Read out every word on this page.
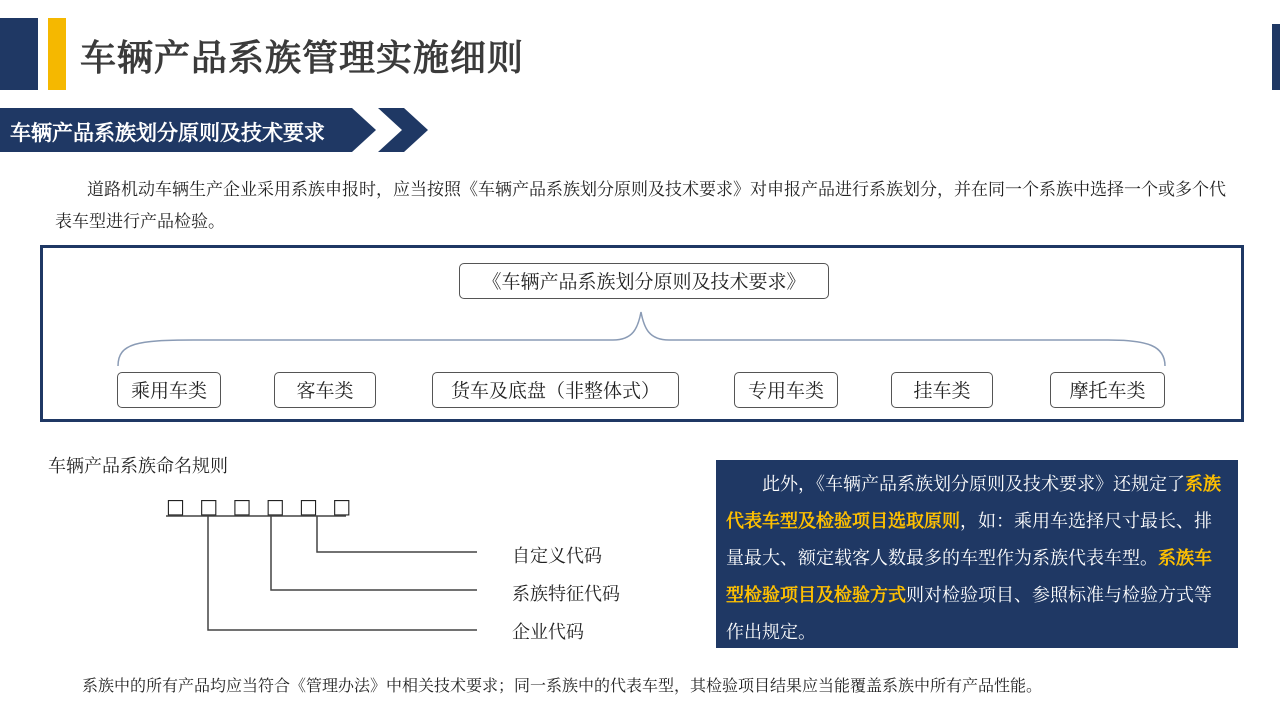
车辆产品系族管理实施细则
车辆产品系族划分原则及技术要求
道路机动车辆生产企业采用系族申报时，应当按照《车辆产品系族划分原则及技术要求》对申报产品进行系族划分，并在同一个系族中选择一个或多个代表车型进行产品检验。
《车辆产品系族划分原则及技术要求》
乘用车类	客车类	货车及底盘（非整体式）	专用车类	挂车类	摩托车类
车辆产品系族命名规则
□ □ □ □ □ □
自定义代码
系族特征代码
企业代码
此外，《车辆产品系族划分原则及技术要求》还规定了系族代表车型及检验项目选取原则，如：乘用车选择尺寸最长、排量最大、额定载客人数最多的车型作为系族代表车型。系族车型检验项目及检验方式则对检验项目、参照标准与检验方式等作出规定。
系族中的所有产品均应当符合《管理办法》中相关技术要求；同一系族中的代表车型，其检验项目结果应当能覆盖系族中所有产品性能。
